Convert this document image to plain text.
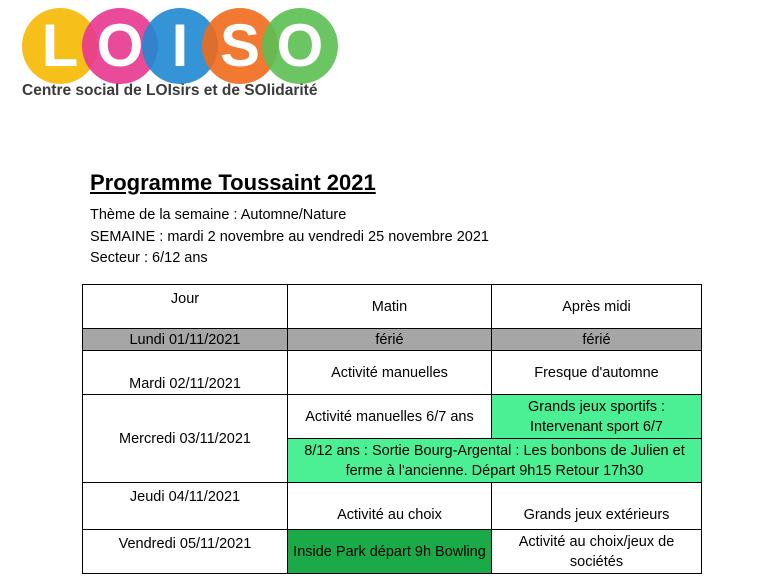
L O I S O
Centre social de LOIsirs et de SOlidarité
Programme Toussaint 2021
Thème de la semaine : Automne/Nature
SEMAINE : mardi 2 novembre au vendredi 25 novembre 2021
Secteur : 6/12 ans
Jour	Matin	Après midi
Lundi 01/11/2021	férié	férié
Mardi 02/11/2021	Activité manuelles	Fresque d'automne
Mercredi 03/11/2021	Activité manuelles 6/7 ans	Grands jeux sportifs : Intervenant sport 6/7
	8/12 ans : Sortie Bourg-Argental : Les bonbons de Julien et ferme à l'ancienne. Départ 9h15 Retour 17h30	
Jeudi 04/11/2021	Activité au choix	Grands jeux extérieurs
Vendredi 05/11/2021	Inside Park départ 9h Bowling	Activité au choix/jeux de sociétés
